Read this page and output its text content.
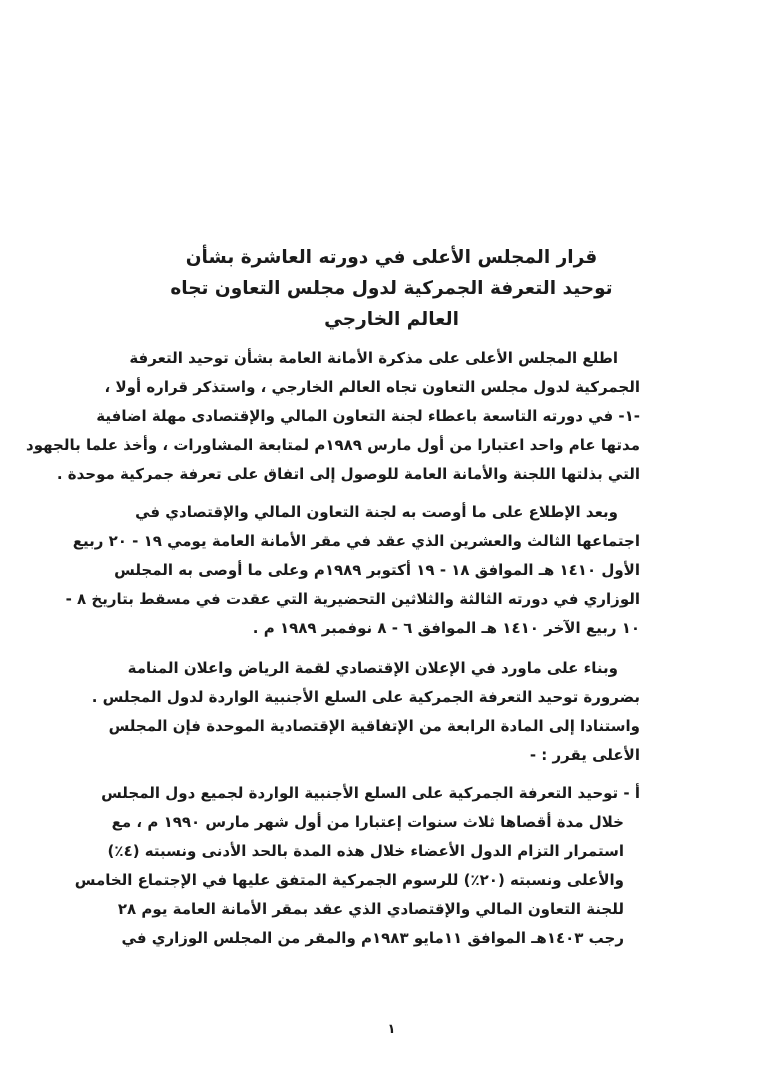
قرار المجلس الأعلى في دورته العاشرة بشأن
توحيد التعرفة الجمركية لدول مجلس التعاون تجاه
العالم الخارجي
اطلع المجلس الأعلى على مذكرة الأمانة العامة بشأن توحيد التعرفة
الجمركية لدول مجلس التعاون تجاه العالم الخارجي ، واستذكر قراره أولا ،
-١- في دورته التاسعة باعطاء لجنة التعاون المالي والإقتصادى مهلة اضافية
مدتها عام واحد اعتبارا من أول مارس ١٩٨٩م لمتابعة المشاورات ، وأخذ علما بالجهود
التي بذلتها اللجنة والأمانة العامة للوصول إلى اتفاق على تعرفة جمركية موحدة .
وبعد الإطلاع على ما أوصت به لجنة التعاون المالي والإقتصادي في
اجتماعها الثالث والعشرين الذي عقد في مقر الأمانة العامة يومي ١٩ - ٢٠ ربيع
الأول ١٤١٠ هـ الموافق ١٨ - ١٩ أكتوبر ١٩٨٩م وعلى ما أوصى به المجلس
الوزاري في دورته الثالثة والثلاثين التحضيرية التي عقدت في مسقط بتاريخ ٨ -
١٠ ربيع الآخر ١٤١٠ هـ الموافق ٦ - ٨ نوفمبر ١٩٨٩ م .
وبناء على ماورد في الإعلان الإقتصادي لقمة الرياض واعلان المنامة
بضرورة توحيد التعرفة الجمركية على السلع الأجنبية الواردة لدول المجلس .
واستنادا إلى المادة الرابعة من الإتفاقية الإقتصادية الموحدة فإن المجلس
الأعلى يقرر : -
أ - توحيد التعرفة الجمركية على السلع الأجنبية الواردة لجميع دول المجلس
خلال مدة أقصاها ثلاث سنوات إعتبارا من أول شهر مارس ١٩٩٠ م ، مع
استمرار التزام الدول الأعضاء خلال هذه المدة بالحد الأدنى ونسبته (٤٪)
والأعلى ونسبته (٢٠٪) للرسوم الجمركية المتفق عليها في الإجتماع الخامس
للجنة التعاون المالي والإقتصادي الذي عقد بمقر الأمانة العامة يوم ٢٨
رجب ١٤٠٣هـ الموافق ١١مايو ١٩٨٣م والمقر من المجلس الوزاري في
١
